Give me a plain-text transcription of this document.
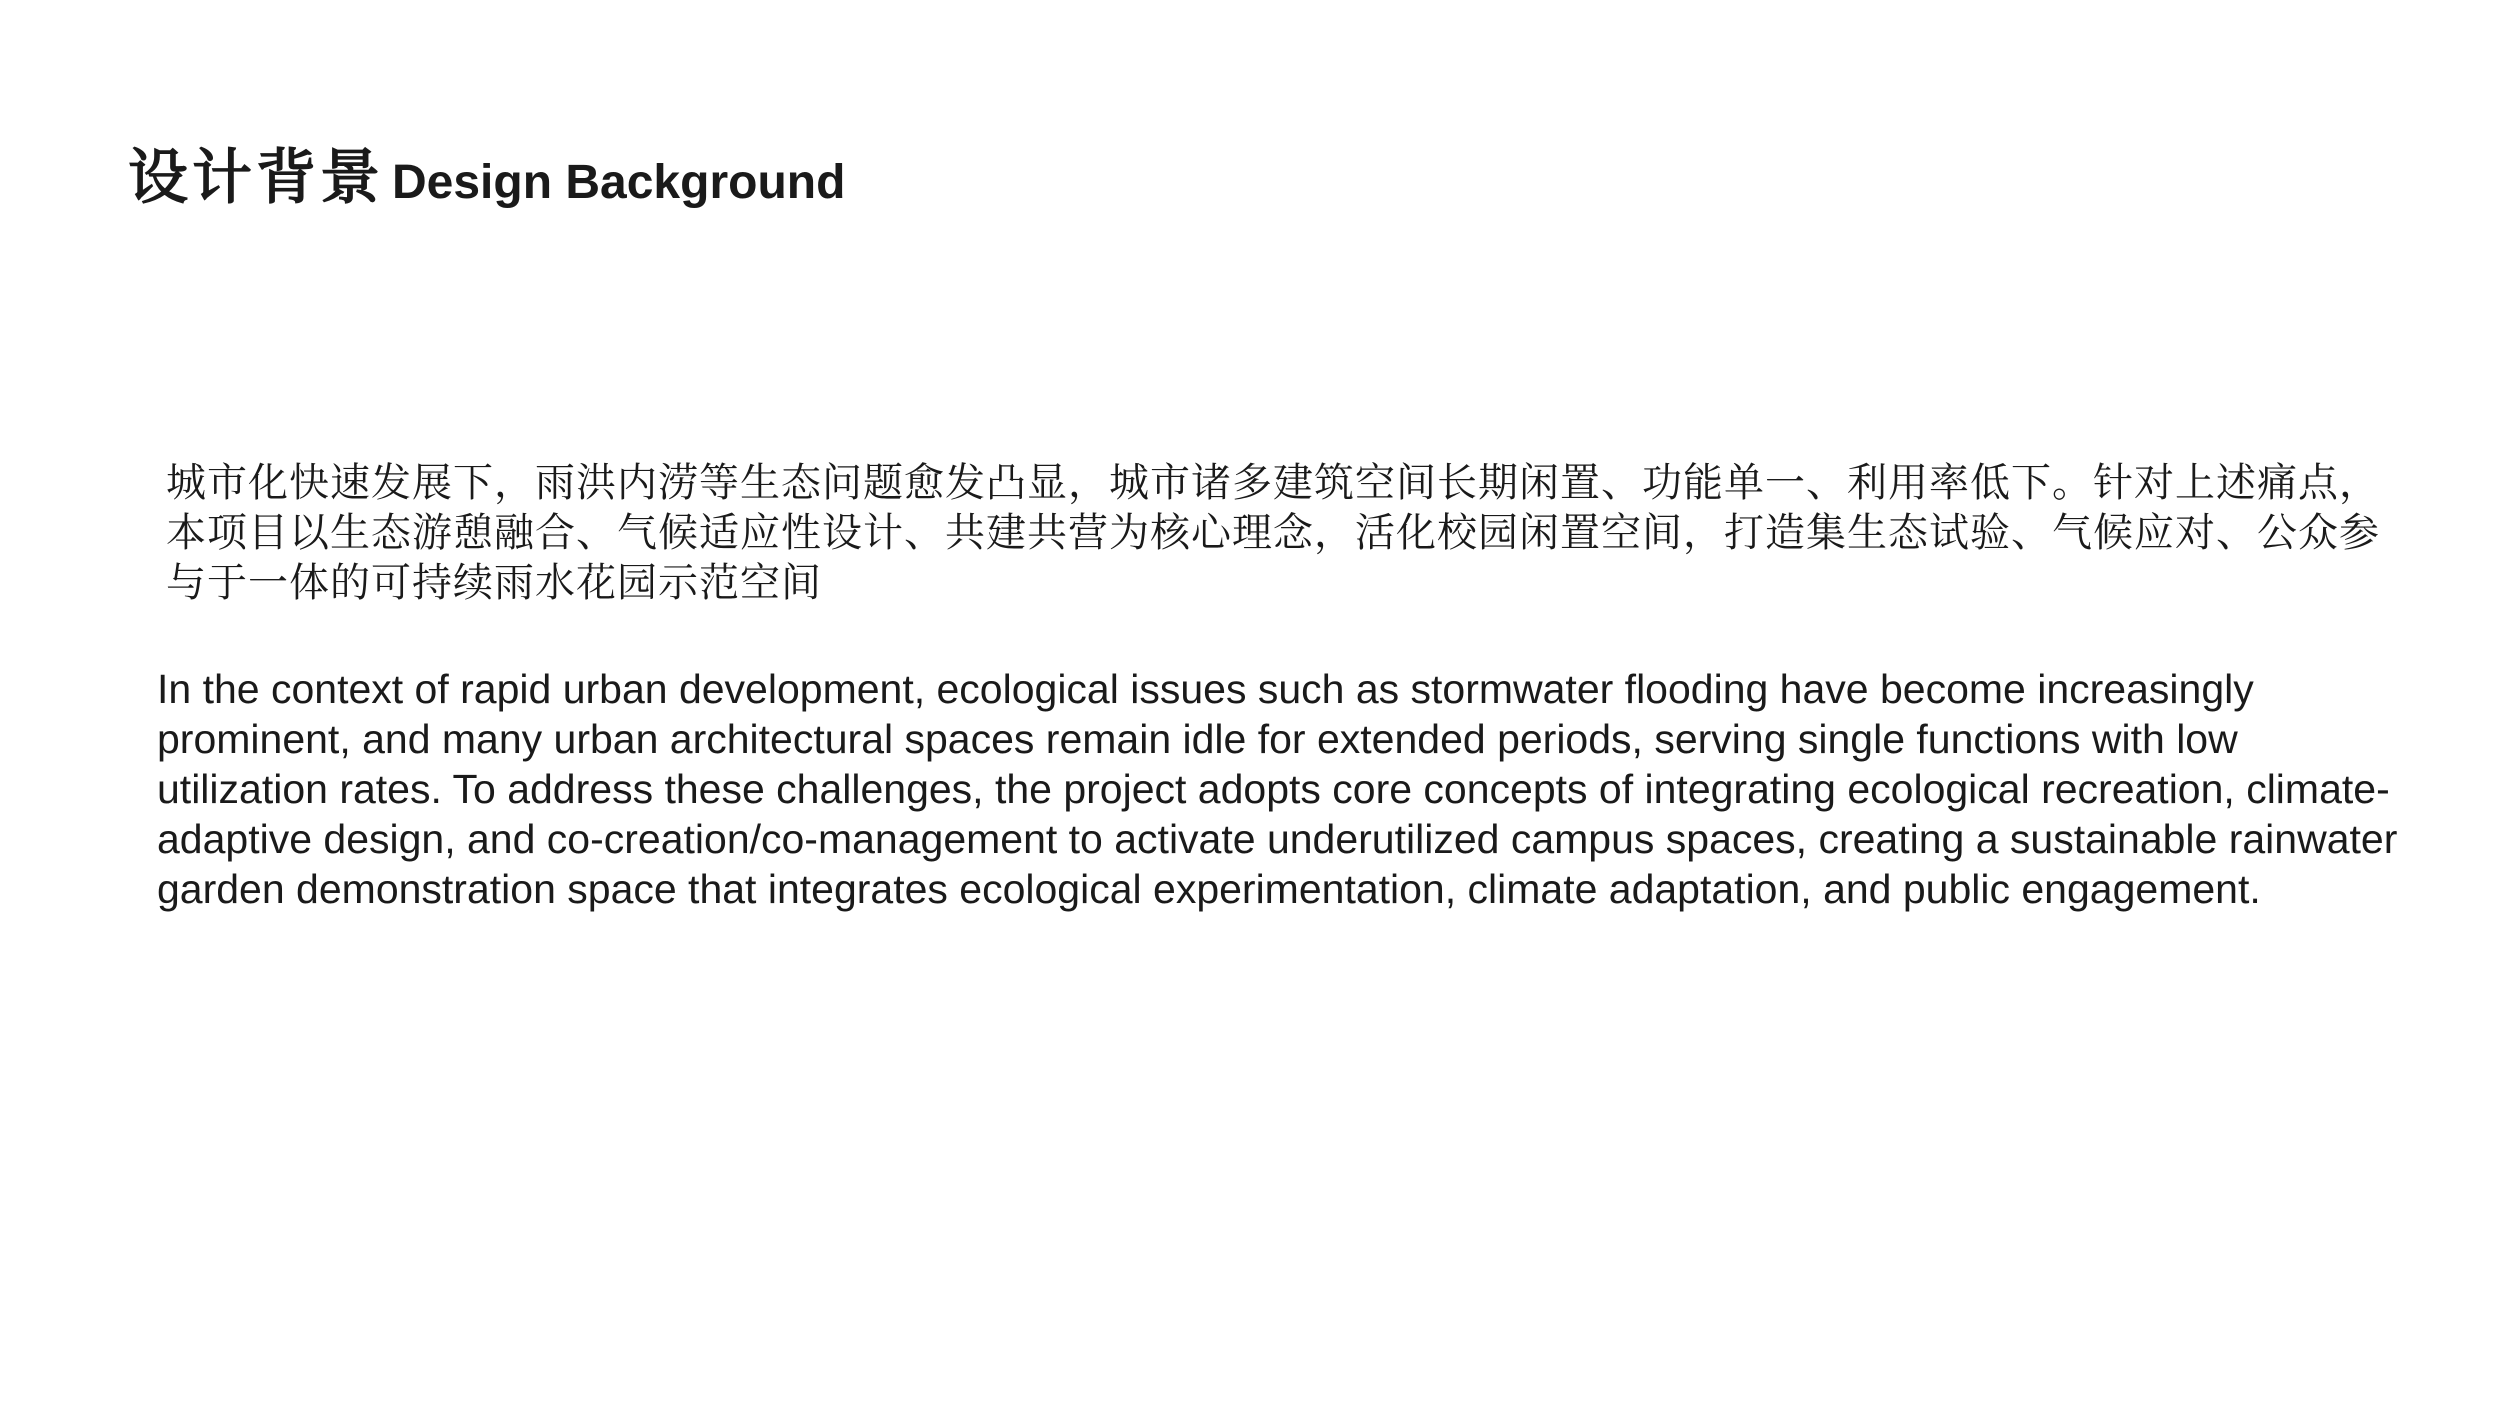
设计背景 Design Background

城市化快速发展下，雨洪内涝等生态问题愈发凸显，城市诸多建筑空间长期闲置、功能单一、利用率低下。针对上述痛点，本项目以生态游憩融合、气候适应性设计、共建共营为核心理念，活化校园闲置空间，打造集生态试验、气候应对、公众参与于一体的可持续雨水花园示范空间

In the context of rapid urban development, ecological issues such as stormwater flooding have become increasingly prominent, and many urban architectural spaces remain idle for extended periods, serving single functions with low utilization rates. To address these challenges, the project adopts core concepts of integrating ecological recreation, climate-adaptive design, and co-creation/co-management to activate underutilized campus spaces, creating a sustainable rainwater garden demonstration space that integrates ecological experimentation, climate adaptation, and public engagement.
